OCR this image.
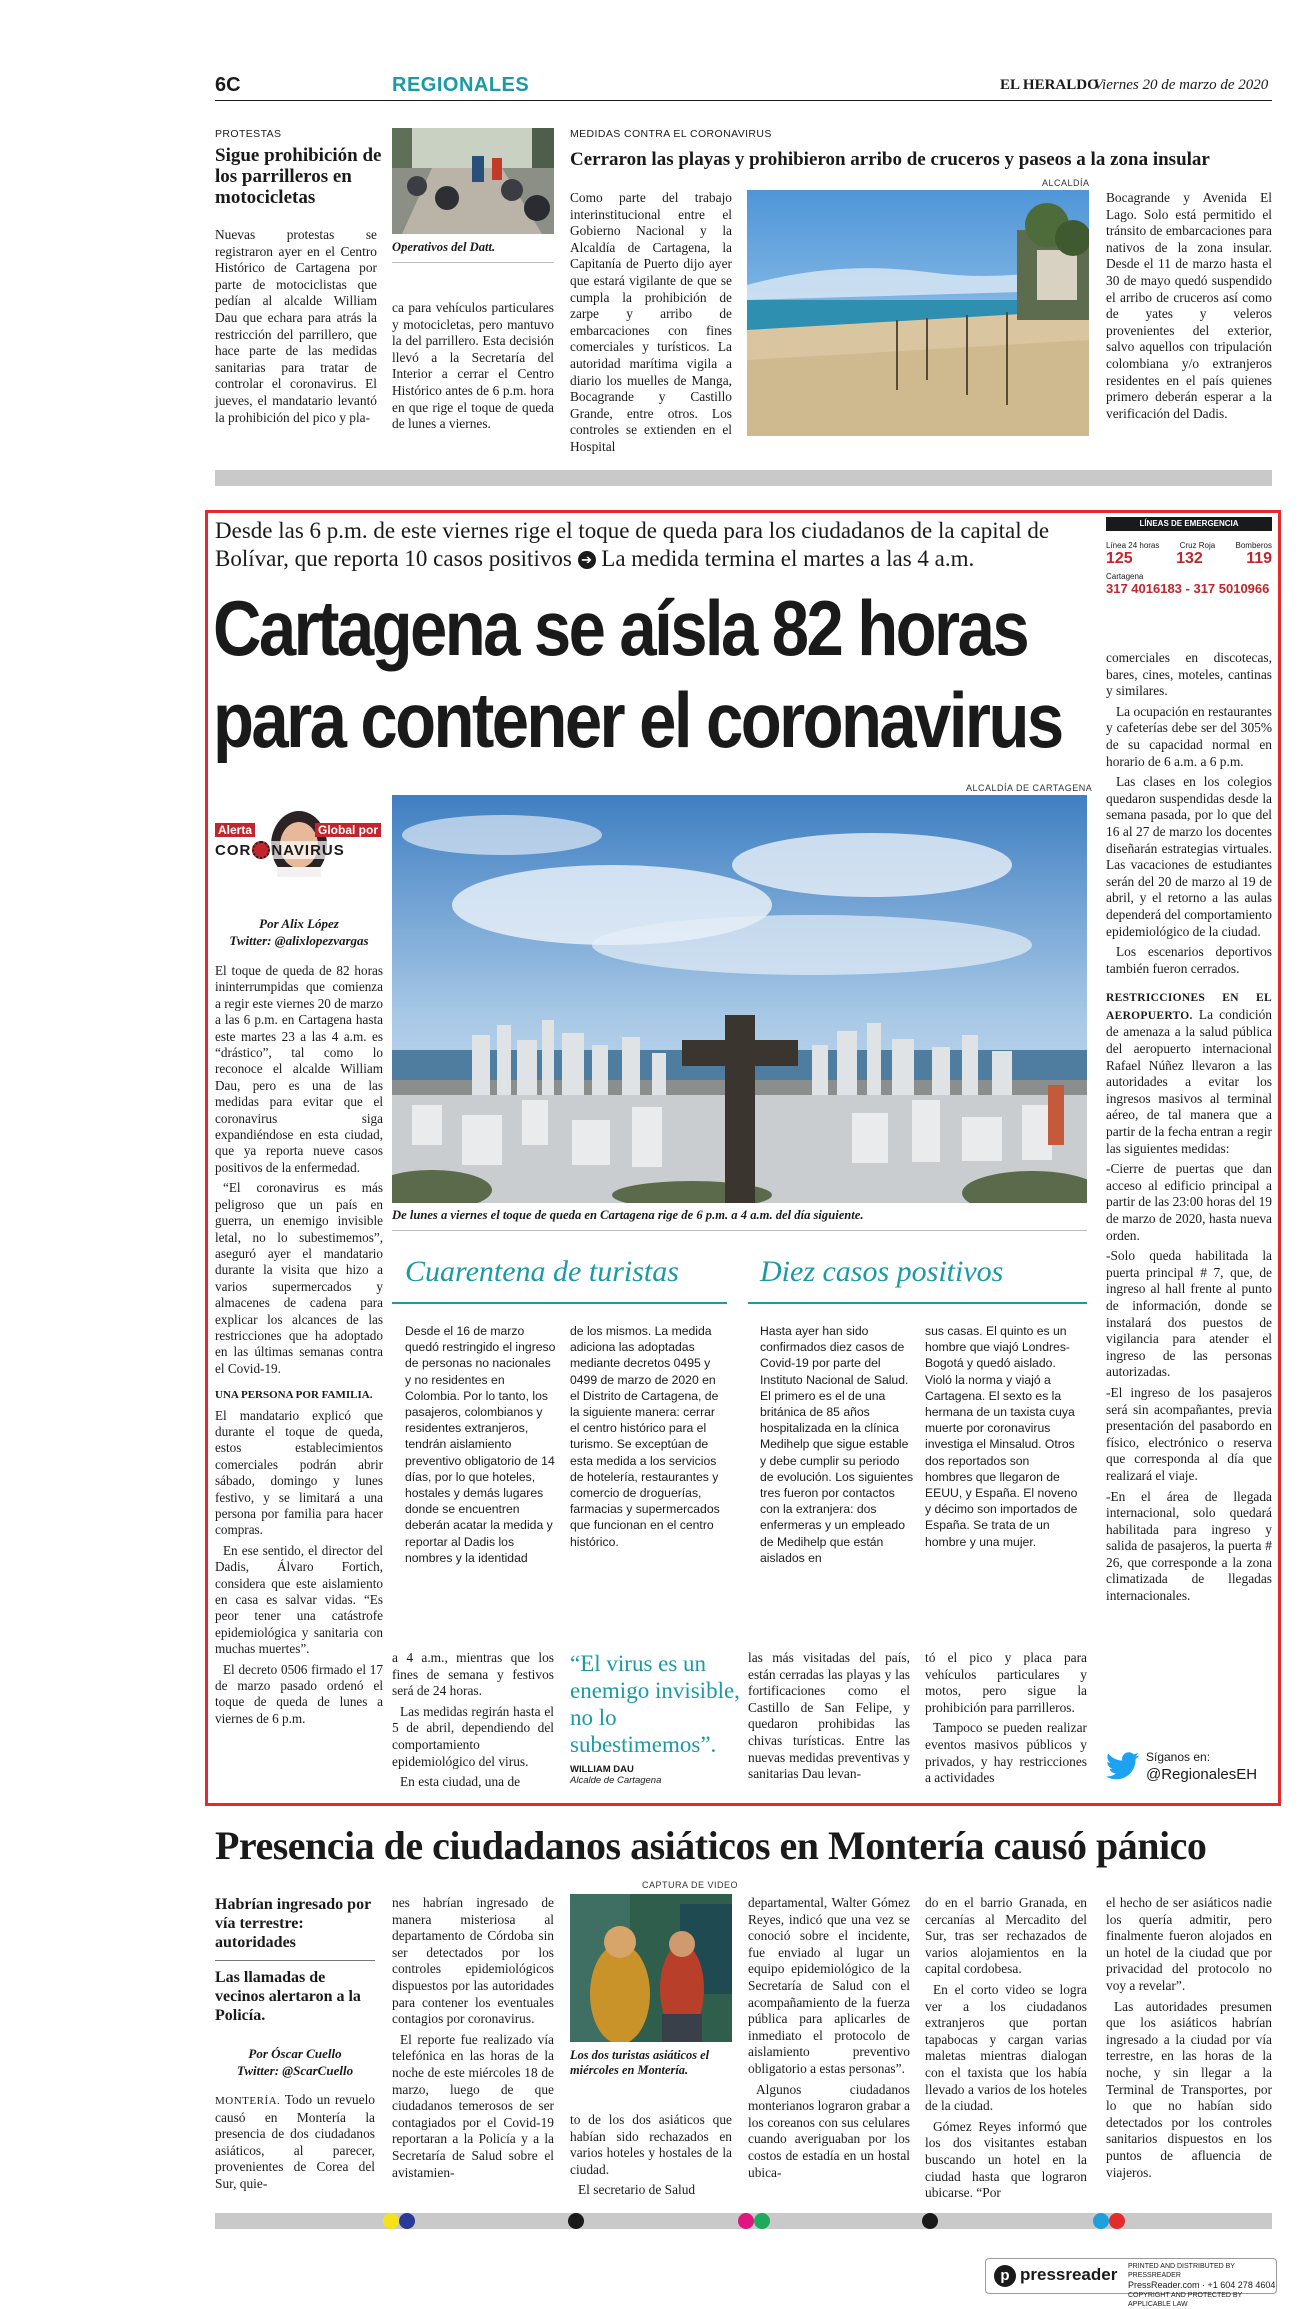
6C	REGIONALES	EL HERALDO
Viernes 20 de marzo de 2020
PROTESTAS
Sigue prohibición de los parrilleros en motocicletas
Nuevas protestas se registraron ayer en el Centro Histórico de Cartagena por parte de motociclistas que pedían al alcalde William Dau que echara para atrás la restricción del parrillero, que hace parte de las medidas sanitarias para tratar de controlar el coronavirus. El jueves, el mandatario levantó la prohibición del pico y pla-
Operativos del Datt.
ca para vehículos particulares y motocicletas, pero mantuvo la del parrillero. Esta decisión llevó a la Secretaría del Interior a cerrar el Centro Histórico antes de 6 p.m. hora en que rige el toque de queda de lunes a viernes.
MEDIDAS CONTRA EL CORONAVIRUS
Cerraron las playas y prohibieron arribo de cruceros y paseos a la zona insular
ALCALDÍA
Como parte del trabajo interinstitucional entre el Gobierno Nacional y la Alcaldía de Cartagena, la Capitanía de Puerto dijo ayer que estará vigilante de que se cumpla la prohibición de zarpe y arribo de embarcaciones con fines comerciales y turísticos. La autoridad marítima vigila a diario los muelles de Manga, Bocagrande y Castillo Grande, entre otros. Los controles se extienden en el Hospital
Bocagrande y Avenida El Lago. Solo está permitido el tránsito de embarcaciones para nativos de la zona insular. Desde el 11 de marzo hasta el 30 de mayo quedó suspendido el arribo de cruceros así como de yates y veleros provenientes del exterior, salvo aquellos con tripulación colombiana y/o extranjeros residentes en el país quienes primero deberán esperar a la verificación del Dadis.
Desde las 6 p.m. de este viernes rige el toque de queda para los ciudadanos de la capital de Bolívar, que reporta 10 casos positivos ➔ La medida termina el martes a las 4 a.m.
Cartagena se aísla 82 horas
para contener el coronavirus
LÍNEAS DE EMERGENCIA
Línea 24 horas	Cruz Roja	Bomberos
125	132	119
Cartagena
317 4016183 - 317 5010966

comerciales en discotecas, bares, cines, moteles, cantinas y similares.

La ocupación en restaurantes y cafeterías debe ser del 305% de su capacidad normal en horario de 6 a.m. a 6 p.m.

Las clases en los colegios quedaron suspendidas desde la semana pasada, por lo que del 16 al 27 de marzo los docentes diseñarán estrategias virtuales. Las vacaciones de estudiantes serán del 20 de marzo al 19 de abril, y el retorno a las aulas dependerá del comportamiento epidemiológico de la ciudad.

Los escenarios deportivos también fueron cerrados.

RESTRICCIONES EN EL AEROPUERTO. La condición de amenaza a la salud pública del aeropuerto internacional Rafael Núñez llevaron a las autoridades a evitar los ingresos masivos al terminal aéreo, de tal manera que a partir de la fecha entran a regir las siguientes medidas:

-Cierre de puertas que dan acceso al edificio principal a partir de las 23:00 horas del 19 de marzo de 2020, hasta nueva orden.

-Solo queda habilitada la puerta principal # 7, que, de ingreso al hall frente al punto de información, donde se instalará dos puestos de vigilancia para atender el ingreso de las personas autorizadas.

-El ingreso de los pasajeros será sin acompañantes, previa presentación del pasabordo en físico, electrónico o reserva que corresponda al día que realizará el viaje.

-En el área de llegada internacional, solo quedará habilitada para ingreso y salida de pasajeros, la puerta # 26, que corresponde a la zona climatizada de llegadas internacionales.

Síganos en:
@RegionalesEH
Alerta	Global por
COR NAVIRUS
Por Alix López
Twitter: @alixlopezvargas

El toque de queda de 82 horas ininterrumpidas que comienza a regir este viernes 20 de marzo a las 6 p.m. en Cartagena hasta este martes 23 a las 4 a.m. es “drástico”, tal como lo reconoce el alcalde William Dau, pero es una de las medidas para evitar que el coronavirus siga expandiéndose en esta ciudad, que ya reporta nueve casos positivos de la enfermedad.

“El coronavirus es más peligroso que un país en guerra, un enemigo invisible letal, no lo subestimemos”, aseguró ayer el mandatario durante la visita que hizo a varios supermercados y almacenes de cadena para explicar los alcances de las restricciones que ha adoptado en las últimas semanas contra el Covid-19.

UNA PERSONA POR FAMILIA.

El mandatario explicó que durante el toque de queda, estos establecimientos comerciales podrán abrir sábado, domingo y lunes festivo, y se limitará a una persona por familia para hacer compras.

En ese sentido, el director del Dadis, Álvaro Fortich, considera que este aislamiento en casa es salvar vidas. “Es peor tener una catástrofe epidemiológica y sanitaria con muchas muertes”.

El decreto 0506 firmado el 17 de marzo pasado ordenó el toque de queda de lunes a viernes de 6 p.m.

ALCALDÍA DE CARTAGENA
De lunes a viernes el toque de queda en Cartagena rige de 6 p.m. a 4 a.m. del día siguiente.
Cuarentena de turistas
Desde el 16 de marzo quedó restringido el ingreso de personas no nacionales y no residentes en Colombia. Por lo tanto, los pasajeros, colombianos y residentes extranjeros, tendrán aislamiento preventivo obligatorio de 14 días, por lo que hoteles, hostales y demás lugares donde se encuentren deberán acatar la medida y reportar al Dadis los nombres y la identidad
de los mismos. La medida adiciona las adoptadas mediante decretos 0495 y 0499 de marzo de 2020 en el Distrito de Cartagena, de la siguiente manera: cerrar el centro histórico para el turismo. Se exceptúan de esta medida a los servicios de hotelería, restaurantes y comercio de droguerías, farmacias y supermercados que funcionan en el centro histórico.
Diez casos positivos
Hasta ayer han sido confirmados diez casos de Covid-19 por parte del Instituto Nacional de Salud. El primero es el de una británica de 85 años hospitalizada en la clínica Medihelp que sigue estable y debe cumplir su periodo de evolución. Los siguientes tres fueron por contactos con la extranjera: dos enfermeras y un empleado de Medihelp que están aislados en
sus casas. El quinto es un hombre que viajó Londres-Bogotá y quedó aislado. Violó la norma y viajó a Cartagena. El sexto es la hermana de un taxista cuya muerte por coronavirus investiga el Minsalud. Otros dos reportados son hombres que llegaron de EEUU, y España. El noveno y décimo son importados de España. Se trata de un hombre y una mujer.

a 4 a.m., mientras que los fines de semana y festivos será de 24 horas.

Las medidas regirán hasta el 5 de abril, dependiendo del comportamiento epidemiológico del virus.

En esta ciudad, una de

“El virus es un enemigo invisible, no lo subestimemos”.
WILLIAM DAU
Alcalde de Cartagena
las más visitadas del país, están cerradas las playas y las fortificaciones como el Castillo de San Felipe, y quedaron prohibidas las chivas turísticas. Entre las nuevas medidas preventivas y sanitarias Dau levan-

tó el pico y placa para vehículos particulares y motos, pero sigue la prohibición para parrilleros.

Tampoco se pueden realizar eventos masivos públicos y privados, y hay restricciones a actividades

Presencia de ciudadanos asiáticos en Montería causó pánico
Habrían ingresado por vía terrestre: autoridades
Las llamadas de vecinos alertaron a la Policía.
Por Óscar Cuello
Twitter: @ScarCuello
MONTERÍA. Todo un revuelo causó en Montería la presencia de dos ciudadanos asiáticos, al parecer, provenientes de Corea del Sur, quie-

nes habrían ingresado de manera misteriosa al departamento de Córdoba sin ser detectados por los controles epidemiológicos dispuestos por las autoridades para contener los eventuales contagios por coronavirus.

El reporte fue realizado vía telefónica en las horas de la noche de este miércoles 18 de marzo, luego de que ciudadanos temerosos de ser contagiados por el Covid-19 reportaran a la Policía y a la Secretaría de Salud sobre el avistamien-

CAPTURA DE VIDEO
Los dos turistas asiáticos el miércoles en Montería.

to de los dos asiáticos que habían sido rechazados en varios hoteles y hostales de la ciudad.

El secretario de Salud

departamental, Walter Gómez Reyes, indicó que una vez se conoció sobre el incidente, fue enviado al lugar un equipo epidemiológico de la Secretaría de Salud con el acompañamiento de la fuerza pública para aplicarles de inmediato el protocolo de aislamiento preventivo obligatorio a estas personas”.

Algunos ciudadanos monterianos lograron grabar a los coreanos con sus celulares cuando averiguaban por los costos de estadía en un hostal ubica-

do en el barrio Granada, en cercanías al Mercadito del Sur, tras ser rechazados de varios alojamientos en la capital cordobesa.

En el corto video se logra ver a los ciudadanos extranjeros que portan tapabocas y cargan varias maletas mientras dialogan con el taxista que los había llevado a varios de los hoteles de la ciudad.

Gómez Reyes informó que los dos visitantes estaban buscando un hotel en la ciudad hasta que lograron ubicarse. “Por

el hecho de ser asiáticos nadie los quería admitir, pero finalmente fueron alojados en un hotel de la ciudad que por privacidad del protocolo no voy a revelar”.

Las autoridades presumen que los asiáticos habrían ingresado a la ciudad por vía terrestre, en las horas de la noche, y sin llegar a la Terminal de Transportes, por lo que no habían sido detectados por los controles sanitarios dispuestos en los puntos de afluencia de viajeros.

p pressreader PRINTED AND DISTRIBUTED BY PRESSREADER
PressReader.com · +1 604 278 4604
COPYRIGHT AND PROTECTED BY APPLICABLE LAW
